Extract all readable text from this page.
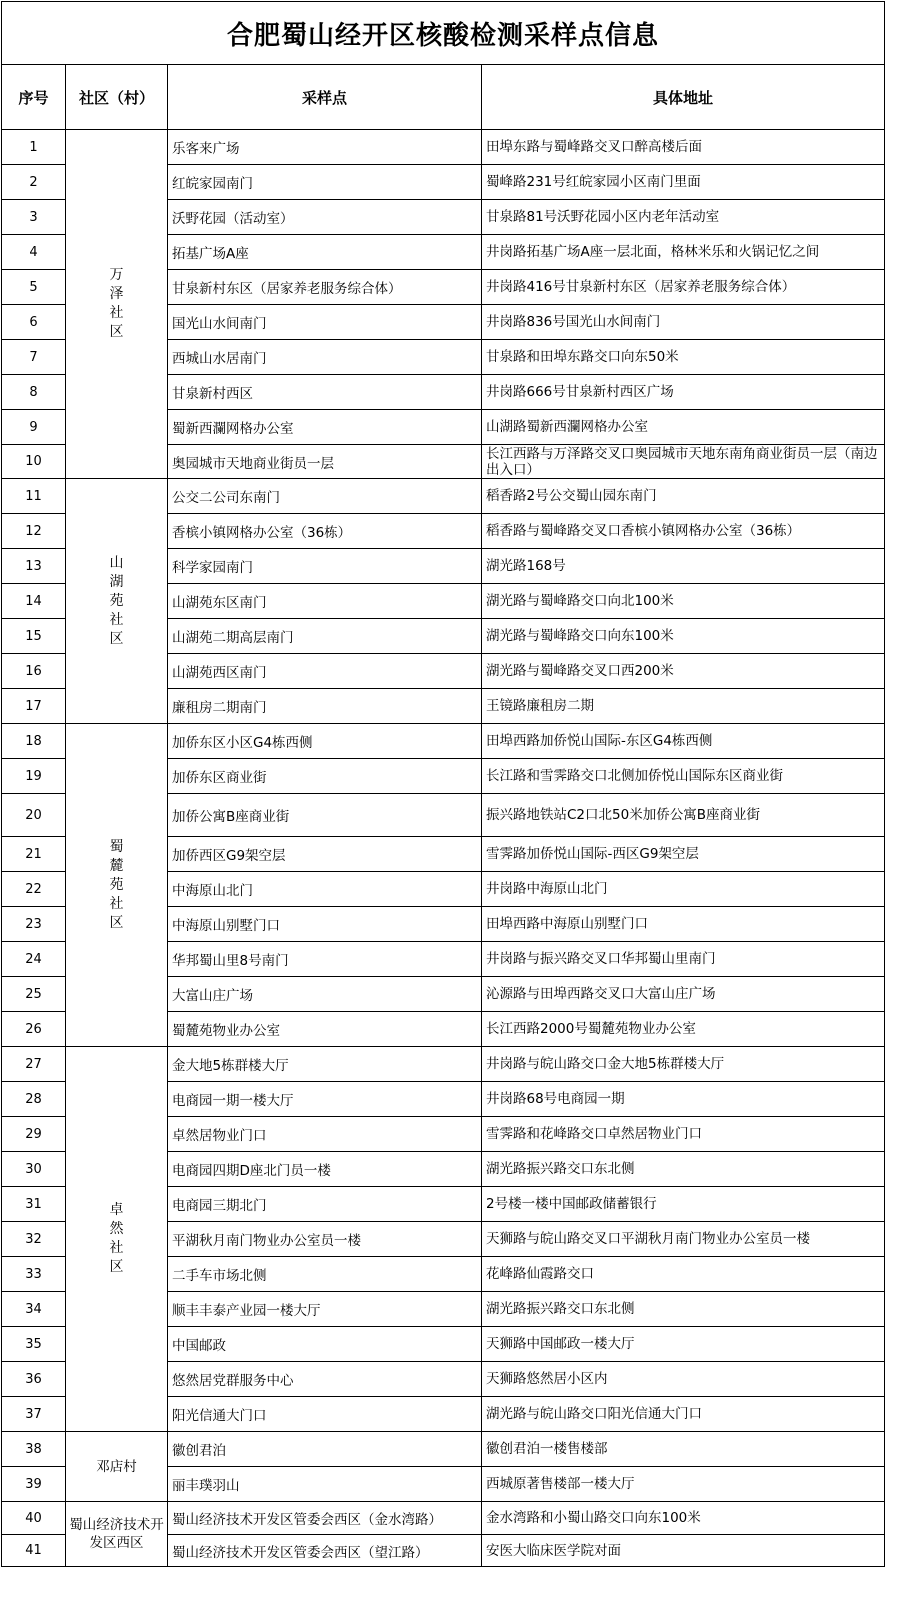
合肥蜀山经开区核酸检测采样点信息			
序号	社区（村）	采样点	具体地址
1	万泽社区	乐客来广场	田埠东路与蜀峰路交叉口醉高楼后面
2		红皖家园南门	蜀峰路231号红皖家园小区南门里面
3		沃野花园（活动室）	甘泉路81号沃野花园小区内老年活动室
4		拓基广场A座	井岗路拓基广场A座一层北面，格林米乐和火锅记忆之间
5		甘泉新村东区（居家养老服务综合体）	井岗路416号甘泉新村东区（居家养老服务综合体）
6		国光山水间南门	井岗路836号国光山水间南门
7		西城山水居南门	甘泉路和田埠东路交口向东50米
8		甘泉新村西区	井岗路666号甘泉新村西区广场
9		蜀新西瀾网格办公室	山湖路蜀新西瀾网格办公室
10		奥园城市天地商业街员一层	长江西路与万泽路交叉口奥园城市天地东南角商业街员一层（南边出入口）
11	山湖苑社区	公交二公司东南门	稻香路2号公交蜀山园东南门
12		香槟小镇网格办公室（36栋）	稻香路与蜀峰路交叉口香槟小镇网格办公室（36栋）
13		科学家园南门	湖光路168号
14		山湖苑东区南门	湖光路与蜀峰路交口向北100米
15		山湖苑二期高层南门	湖光路与蜀峰路交口向东100米
16		山湖苑西区南门	湖光路与蜀峰路交叉口西200米
17		廉租房二期南门	王镜路廉租房二期
18	蜀麓苑社区	加侨东区小区G4栋西侧	田埠西路加侨悦山国际-东区G4栋西侧
19		加侨东区商业街	长江路和雪霁路交口北侧加侨悦山国际东区商业街
20		加侨公寓B座商业街	振兴路地铁站C2口北50米加侨公寓B座商业街
21		加侨西区G9架空层	雪霁路加侨悦山国际-西区G9架空层
22		中海原山北门	井岗路中海原山北门
23		中海原山别墅门口	田埠西路中海原山别墅门口
24		华邦蜀山里8号南门	井岗路与振兴路交叉口华邦蜀山里南门
25		大富山庄广场	沁源路与田埠西路交叉口大富山庄广场
26		蜀麓苑物业办公室	长江西路2000号蜀麓苑物业办公室
27	卓然社区	金大地5栋群楼大厅	井岗路与皖山路交口金大地5栋群楼大厅
28		电商园一期一楼大厅	井岗路68号电商园一期
29		卓然居物业门口	雪霁路和花峰路交口卓然居物业门口
30		电商园四期D座北门员一楼	湖光路振兴路交口东北侧
31		电商园三期北门	2号楼一楼中国邮政储蓄银行
32		平湖秋月南门物业办公室员一楼	天狮路与皖山路交叉口平湖秋月南门物业办公室员一楼
33		二手车市场北侧	花峰路仙霞路交口
34		顺丰丰泰产业园一楼大厅	湖光路振兴路交口东北侧
35		中国邮政	天狮路中国邮政一楼大厅
36		悠然居党群服务中心	天狮路悠然居小区内
37		阳光信通大门口	湖光路与皖山路交口阳光信通大门口
38	邓店村	徽创君泊	徽创君泊一楼售楼部
39		丽丰璞羽山	西城原著售楼部一楼大厅
40	蜀山经济技术开发区西区	蜀山经济技术开发区管委会西区（金水湾路）	金水湾路和小蜀山路交口向东100米
41		蜀山经济技术开发区管委会西区（望江路）	安医大临床医学院对面
